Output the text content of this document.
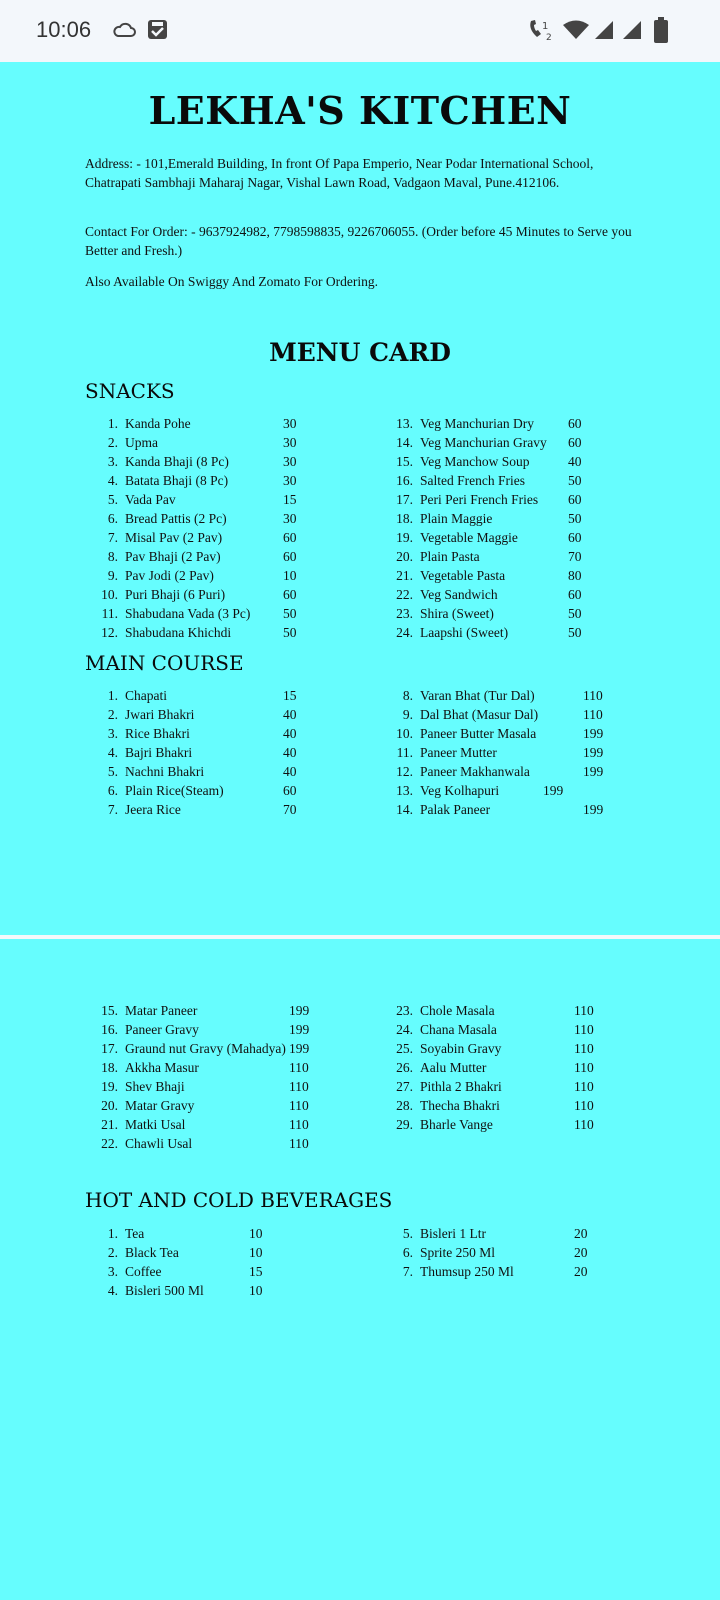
10:06	1
2
LEKHA'S KITCHEN
Address: - 101,Emerald Building, In front Of Papa Emperio, Near Podar International School, Chatrapati Sambhaji Maharaj Nagar, Vishal Lawn Road, Vadgaon Maval, Pune.412106.
Contact For Order: - 9637924982, 7798598835, 9226706055. (Order before 45 Minutes to Serve you Better and Fresh.)
Also Available On Swiggy And Zomato For Ordering.
MENU CARD
SNACKS
1. Kanda Pohe	30
2. Upma	30
3. Kanda Bhaji (8 Pc)	30
4. Batata Bhaji (8 Pc)	30
5. Vada Pav	15
6. Bread Pattis (2 Pc)	30
7. Misal Pav (2 Pav)	60
8. Pav Bhaji (2 Pav)	60
9. Pav Jodi (2 Pav)	10
10. Puri Bhaji (6 Puri)	60
11. Shabudana Vada (3 Pc) 50
12. Shabudana Khichdi	50
13. Veg Manchurian Dry	60
14. Veg Manchurian Gravy 60
15. Veg Manchow Soup	40
16. Salted French Fries	50
17. Peri Peri French Fries 60
18. Plain Maggie	50
19. Vegetable Maggie	60
20. Plain Pasta	70
21. Vegetable Pasta	80
22. Veg Sandwich	60
23. Shira (Sweet)	50
24. Laapshi (Sweet)	50
MAIN COURSE
1. Chapati	15
2. Jwari Bhakri	40
3. Rice Bhakri	40
4. Bajri Bhakri	40
5. Nachni Bhakri	40
6. Plain Rice(Steam)	60
7. Jeera Rice	70
8. Varan Bhat (Tur Dal)	110
9. Dal Bhat (Masur Dal)	110
10. Paneer Butter Masala	199
11. Paneer Mutter	199
12. Paneer Makhanwala	199
13. Veg Kolhapuri	199
14. Palak Paneer	199
15. Matar Paneer	199
16. Paneer Gravy	199
17. Graund nut Gravy (Mahadya) 199
18. Akkha Masur	110
19. Shev Bhaji	110
20. Matar Gravy	110
21. Matki Usal	110
22. Chawli Usal	110
23. Chole Masala	110
24. Chana Masala	110
25. Soyabin Gravy	110
26. Aalu Mutter	110
27. Pithla 2 Bhakri	110
28. Thecha Bhakri	110
29. Bharle Vange	110
HOT AND COLD BEVERAGES
1. Tea	10
2. Black Tea	10
3. Coffee	15
4. Bisleri 500 Ml	10
5. Bisleri 1 Ltr	20
6. Sprite 250 Ml	20
7. Thumsup 250 Ml	20
